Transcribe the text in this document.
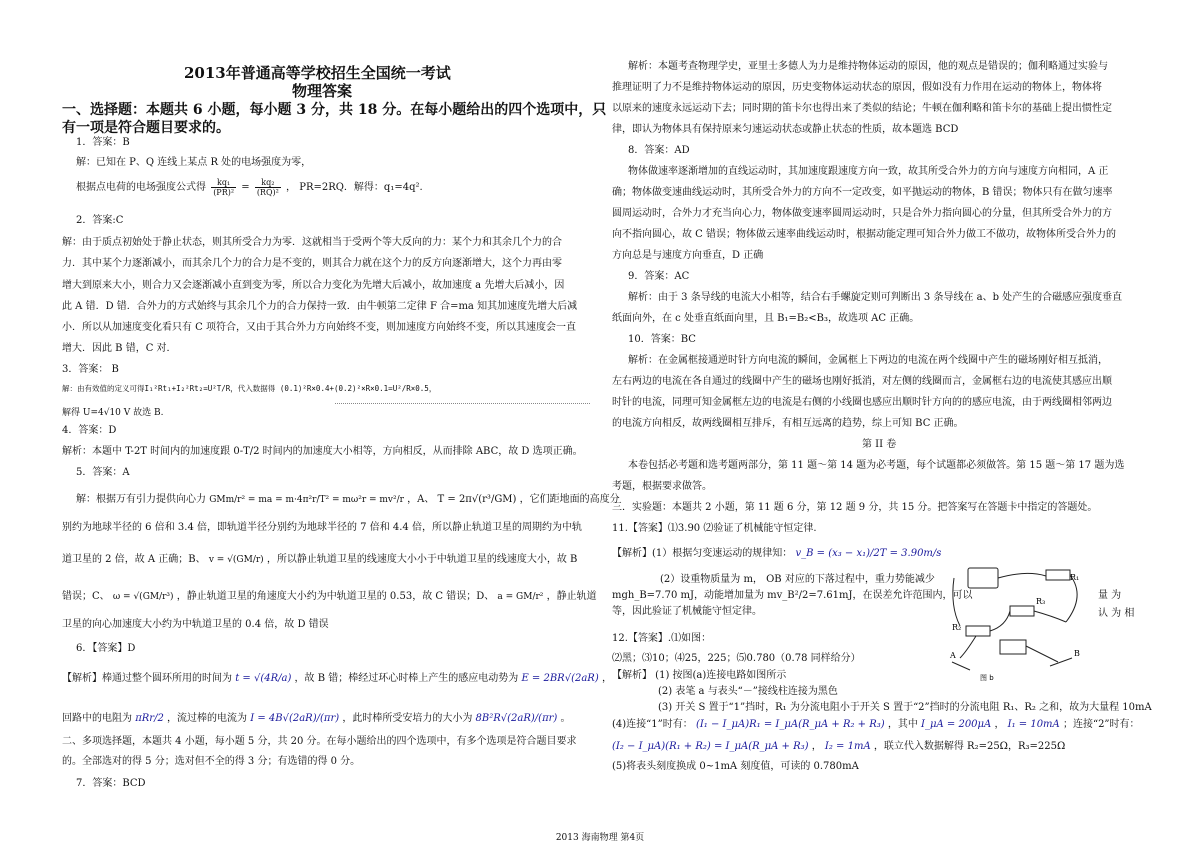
2013年普通高等学校招生全国统一考试
物理答案
一、选择题：本题共 6 小题，每小题 3 分，共 18 分。在每小题给出的四个选项中，只
有一项是符合题目要求的。
1．答案：B
解：已知在 P、Q 连线上某点 R 处的电场强度为零，
根据点电荷的电场强度公式得 $\frac{\text{kq₁}}{\text{(PR)²}} = \frac{\text{kq₂}}{\text{(RQ)²}}$ ， PR=2RQ．解得：q₁=4q².
2．答案:C
解：由于质点初始处于静止状态，则其所受合力为零．这就相当于受两个等大反向的力：某个力和其余几个力的合
力．其中某个力逐渐减小，而其余几个力的合力是不变的，则其合力就在这个力的反方向逐渐增大，这个力再由零
增大到原来大小，则合力又会逐渐减小直到变为零，所以合力变化为先增大后减小，故加速度 a 先增大后减小，因
此 A 错．D 错．合外力的方式始终与其余几个力的合力保持一致．由牛顿第二定律 F 合=ma 知其加速度先增大后减
小．所以从加速度变化看只有 C 项符合，又由于其合外力方向始终不变，则加速度方向始终不变，所以其速度会一直
增大．因此 B 错，C 对．
3．答案： B
解：由有效值的定义可得I₁²Rt₁+I₂²Rt₂=U²T/R，代入数据得 (0.1)²R×0.4+(0.2)²×R×0.1=U²/R×0.5，
解得 U=4√10 V 故选 B.
4．答案：D
解析：本题中 T-2T 时间内的加速度跟 0-T/2 时间内的加速度大小相等，方向相反，从而排除 ABC，故 D 选项正确。
5．答案：A
解：根据万有引力提供向心力 GMm/r² = ma = m·4π²r/T² = mω²r = mv²/r ，A、 T = 2π√(r³/GM) ，它们距地面的高度分
别约为地球半径的 6 倍和 3.4 倍，即轨道半径分别约为地球半径的 7 倍和 4.4 倍，所以静止轨道卫星的周期约为中轨
道卫星的 2 倍，故 A 正确；B、 v = √(GM/r) ，所以静止轨道卫星的线速度大小小于中轨道卫星的线速度大小，故 B
错误；C、 ω = √(GM/r³) ，静止轨道卫星的角速度大小约为中轨道卫星的 0.53，故 C 错误；D、 a = GM/r² ，静止轨道
卫星的向心加速度大小约为中轨道卫星的 0.4 倍，故 D 错误
6．【答案】D
【解析】棒通过整个圆环所用的时间为 t = √(4R/a) ，故 B 错；棒经过环心时棒上产生的感应电动势为 E = 2BR√(2aR) ，
回路中的电阻为 πRr/2 ，流过棒的电流为 I = 4B√(2aR)/(πr) ，此时棒所受安培力的大小为 8B²R√(2aR)/(πr) 。
二、多项选择题，本题共 4 小题，每小题 5 分，共 20 分。在每小题给出的四个选项中，有多个选项是符合题目要求
的。全部选对的得 5 分；选对但不全的得 3 分；有选错的得 0 分。
7．答案：BCD
解析：本题考查物理学史，亚里士多德人为力是维持物体运动的原因，他的观点是错误的；伽利略通过实验与
推理证明了力不是维持物体运动的原因，历史变物体运动状态的原因，假如没有力作用在运动的物体上，物体将
以原来的速度永远运动下去；同时期的笛卡尔也得出来了类似的结论；牛顿在伽利略和笛卡尔的基础上提出惯性定
律，即认为物体具有保持原来匀速运动状态或静止状态的性质，故本题选 BCD
8．答案：AD
物体做速率逐渐增加的直线运动时，其加速度跟速度方向一致，故其所受合外力的方向与速度方向相同，A 正
确；物体做变速曲线运动时，其所受合外力的方向不一定改变，如平抛运动的物体，B 错误；物体只有在做匀速率
圆周运动时，合外力才充当向心力，物体做变速率圆周运动时，只是合外力指向圆心的分量，但其所受合外力的方
向不指向圆心，故 C 错误；物体做云速率曲线运动时，根据动能定理可知合外力做工不做功，故物体所受合外力的
方向总是与速度方向垂直，D 正确
9．答案：AC
解析：由于 3 条导线的电流大小相等，结合右手螺旋定则可判断出 3 条导线在 a、b 处产生的合磁感应强度垂直
纸面向外，在 c 处垂直纸面向里，且 B₁=B₂<B₃，故选项 AC 正确。
10．答案：BC
解析：在金属框接通逆时针方向电流的瞬间，金属框上下两边的电流在两个线圈中产生的磁场刚好相互抵消，
左右两边的电流在各自通过的线圈中产生的磁场也刚好抵消，对左侧的线圈而言，金属框右边的电流使其感应出顺
时针的电流，同理可知金属框左边的电流是右侧的小线圈也感应出顺时针方向的的感应电流，由于两线圈相邻两边
的电流方向相反，故两线圈相互排斥，有相互远离的趋势，综上可知 BC 正确。
第 II 卷
本卷包括必考题和选考题两部分，第 11 题～第 14 题为必考题，每个试题都必须做答。第 15 题～第 17 题为选
考题，根据要求做答。
三．实验题：本题共 2 小题，第 11 题 6 分，第 12 题 9 分，共 15 分。把答案写在答题卡中指定的答题处。
11.【答案】⑴3.90 ⑵验证了机械能守恒定律.
【解析】(1）根据匀变速运动的规律知： v_B = (x₃ − x₁)/2T = 3.90m/s
(2）设重物质量为 m， OB 对应的下落过程中，重力势能减少
mgh_B=7.70 mJ，动能增加量为 mv_B²/2=7.61mJ，在误差允许范围内，可以
等，因此验证了机械能守恒定律。
量 为
认 为 相
R₁
R₂
R₃
A	B
图 b
12.【答案】.⑴如图：
⑵黑；⑶10；⑷25，225；⑸0.780（0.78 同样给分）
【解析】 (1) 按图(a)连接电路如图所示
(2) 表笔 a 与表头“－”接线柱连接为黑色
(3) 开关 S 置于“1”挡时，R₁ 为分流电阻小于开关 S 置于“2”挡时的分流电阻 R₁、R₂ 之和，故为大量程 10mA
(4)连接“1”时有： (I₁ − I_μA)R₁ = I_μA(R_μA + R₂ + R₃) ，其中 I_μA = 200μA ， I₁ = 10mA ；连接“2”时有：
(I₂ − I_μA)(R₁ + R₂) = I_μA(R_μA + R₃) ， I₂ = 1mA ，联立代入数据解得 R₂=25Ω，R₃=225Ω
(5)将表头刻度换成 0~1mA 刻度值，可读的 0.780mA
2013 海南物理 第4页
